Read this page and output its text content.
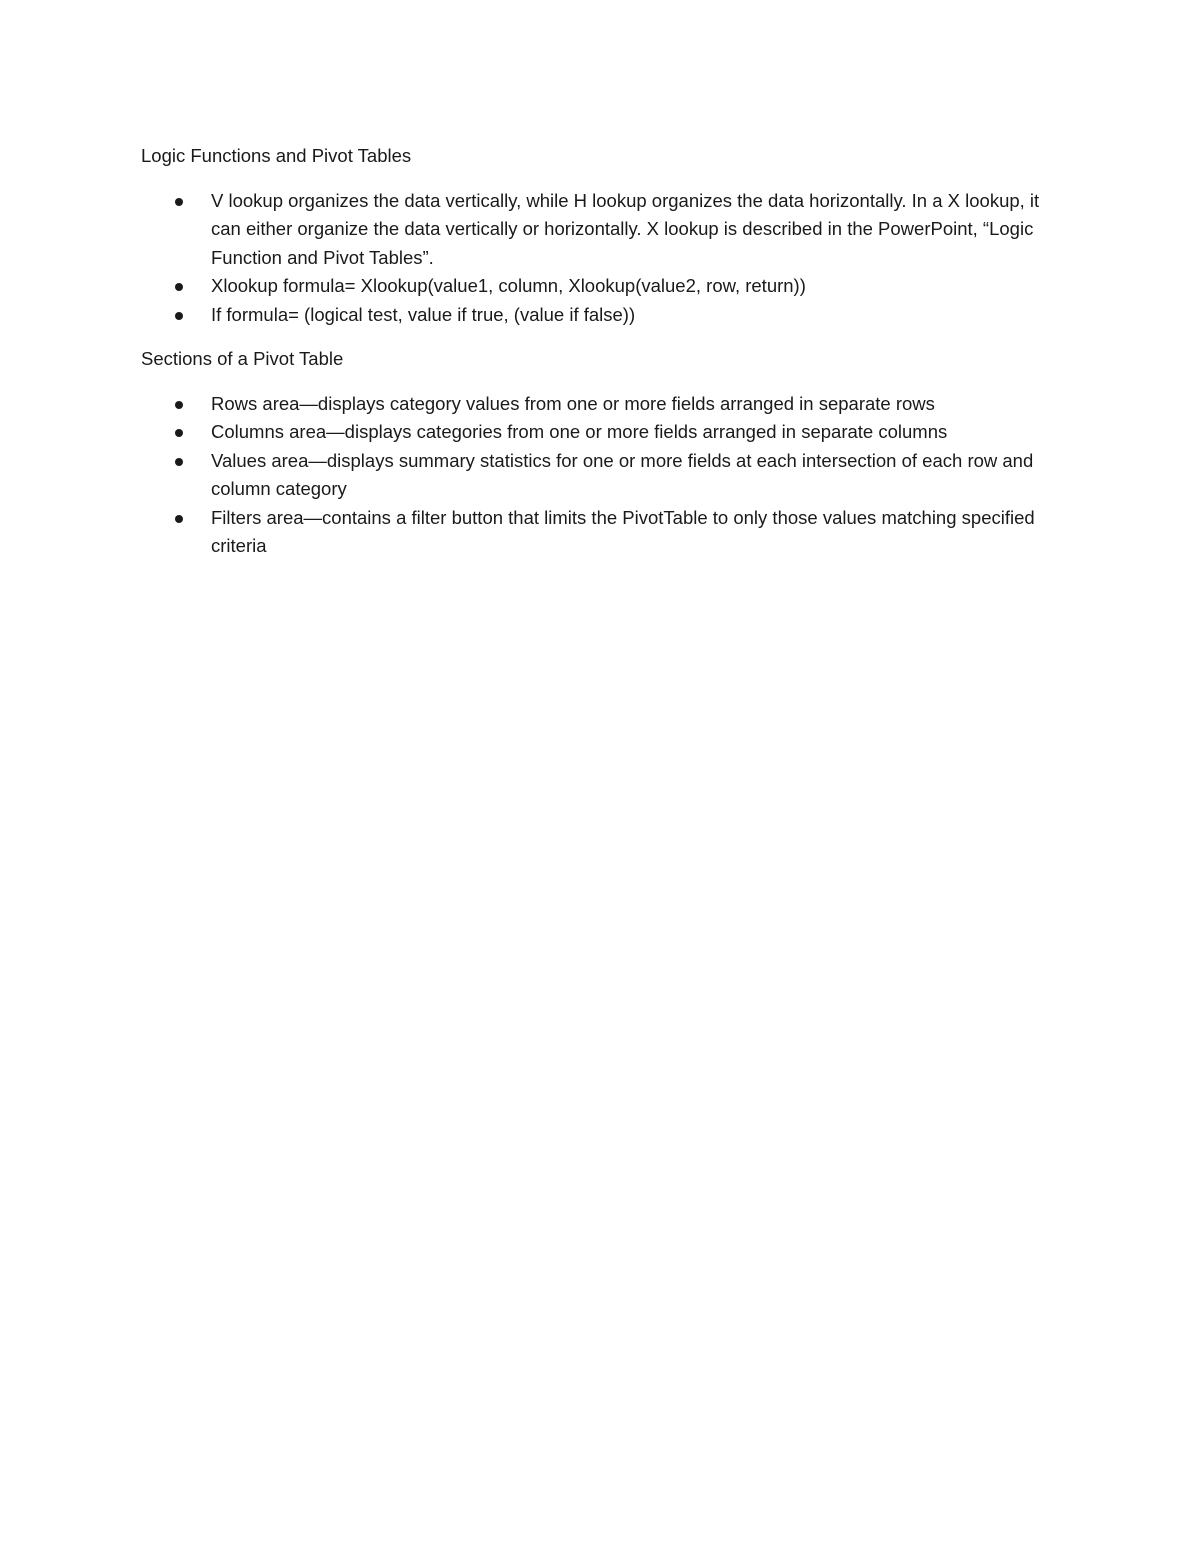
Logic Functions and Pivot Tables

V lookup organizes the data vertically, while H lookup organizes the data horizontally. In a X lookup, it can either organize the data vertically or horizontally. X lookup is described in the PowerPoint, “Logic Function and Pivot Tables”.
Xlookup formula= Xlookup(value1, column, Xlookup(value2, row, return))
If formula= (logical test, value if true, (value if false))

Sections of a Pivot Table

Rows area—displays category values from one or more fields arranged in separate rows
Columns area—displays categories from one or more fields arranged in separate columns
Values area—displays summary statistics for one or more fields at each intersection of each row and column category
Filters area—contains a filter button that limits the PivotTable to only those values matching specified criteria
